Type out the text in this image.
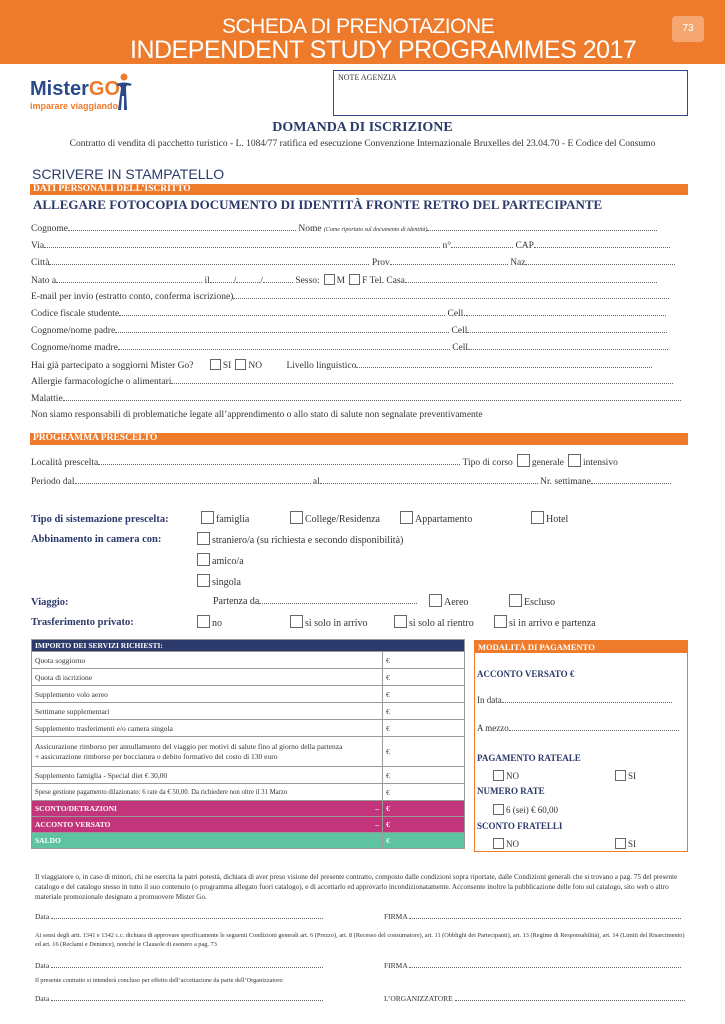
SCHEDA DI PRENOTAZIONE
INDEPENDENT STUDY PROGRAMMES 2017
73
MisterGO
imparare viaggiando
NOTE AGENZIA
DOMANDA DI ISCRIZIONE
Contratto di vendita di pacchetto turistico - L. 1084/77 ratifica ed esecuzione Convenzione Internazionale Bruxelles del 23.04.70 - E Codice del Consumo
SCRIVERE IN STAMPATELLO
DATI PERSONALI DELL’ISCRITTO
ALLEGARE FOTOCOPIA DOCUMENTO DI IDENTITÀ FRONTE RETRO DEL PARTECIPANTE
Cognome	Nome (Come riportato sul documento di identità)
Via	n°	CAP
Città	Prov	Naz
Nato a	il	/	/	Sesso: M F Tel. Casa
E-mail per invio (estratto conto, conferma iscrizione)
Codice fiscale studente	Cell.
Cognome/nome padre	Cell
Cognome/nome madre	Cell
Hai già partecipato a soggiorni Mister Go?	SI NO	Livello linguistico
Allergie farmacologiche o alimentari
Malattie
Non siamo responsabili di problematiche legate all’apprendimento o allo stato di salute non segnalate preventivamente
PROGRAMMA PRESCELTO
Località prescelta	Tipo di corso generale intensivo
Periodo dal	al	Nr. settimane
Tipo di sistemazione prescelta:	famiglia	College/Residenza	Appartamento	Hotel
Abbinamento in camera con:	straniero/a (su richiesta e secondo disponibilità)
amico/a
singola
Viaggio:	Partenza da	Aereo	Escluso
Trasferimento privato:	no	si solo in arrivo	si solo al rientro	si in arrivo e partenza
IMPORTO DEI SERVIZI RICHIESTI:	
Quota soggiorno	€
Quota di iscrizione	€
Supplemento volo aereo	€
Settimane supplementari	€
Supplemento trasferimenti e/o camera singola	€

Assicurazione rimborso per annullamento del viaggio per motivi di salute fino al giorno della partenza
+ assicurazione rimborso per bocciatura o debito formativo del costo di 130 euro	€
Supplemento famiglia - Special diet € 30,00	€
Spese gestione pagamento dilazionato: 6 rate da € 50,00. Da richiedere non oltre il 31 Marzo	€
SCONTO/DETRAZIONI –	€
ACCONTO VERSATO –	€
SALDO	€
MODALITÀ DI PAGAMENTO
ACCONTO VERSATO €
In data
A mezzo
PAGAMENTO RATEALE
NO	SI
NUMERO RATE
6 (sei) € 60,00
SCONTO FRATELLI
NO	SI
Il viaggiatore o, in caso di minori, chi ne esercita la patri potestà, dichiara di aver preso visione del presente contratto, composto dalle condizioni sopra riportate, dalle Condizioni generali che si trovano a pag. 75 del presente catalogo e del catalogo stesso in tutto il suo contenuto (o programma allegato fuori catalogo), e di accettarlo ed approvarlo incondizionatamente. Acconsente inoltre la pubblicazione delle foto sul catalogo, sito web o altro materiale promozionale designato a promuovere Mister Go.
Data	FIRMA
Ai sensi degli artt. 1341 e 1342 c.c. dichiara di approvare specificamente le seguenti Condizioni generali art. 6 (Prezzo), art. 8 (Recesso del consumatore), art. 11 (Obblighi dei Partecipanti), art. 13 (Regime di Responsabilità), art. 14 (Limiti del Risarcimento) ed art. 16 (Reclami e Denunce), nonché le Clausole di esonero a pag. 73
Data	FIRMA
Il presente contratto si intenderà concluso per effetto dell’accettazione da parte dell’Organizzatore:
Data	L’ORGANIZZATORE
